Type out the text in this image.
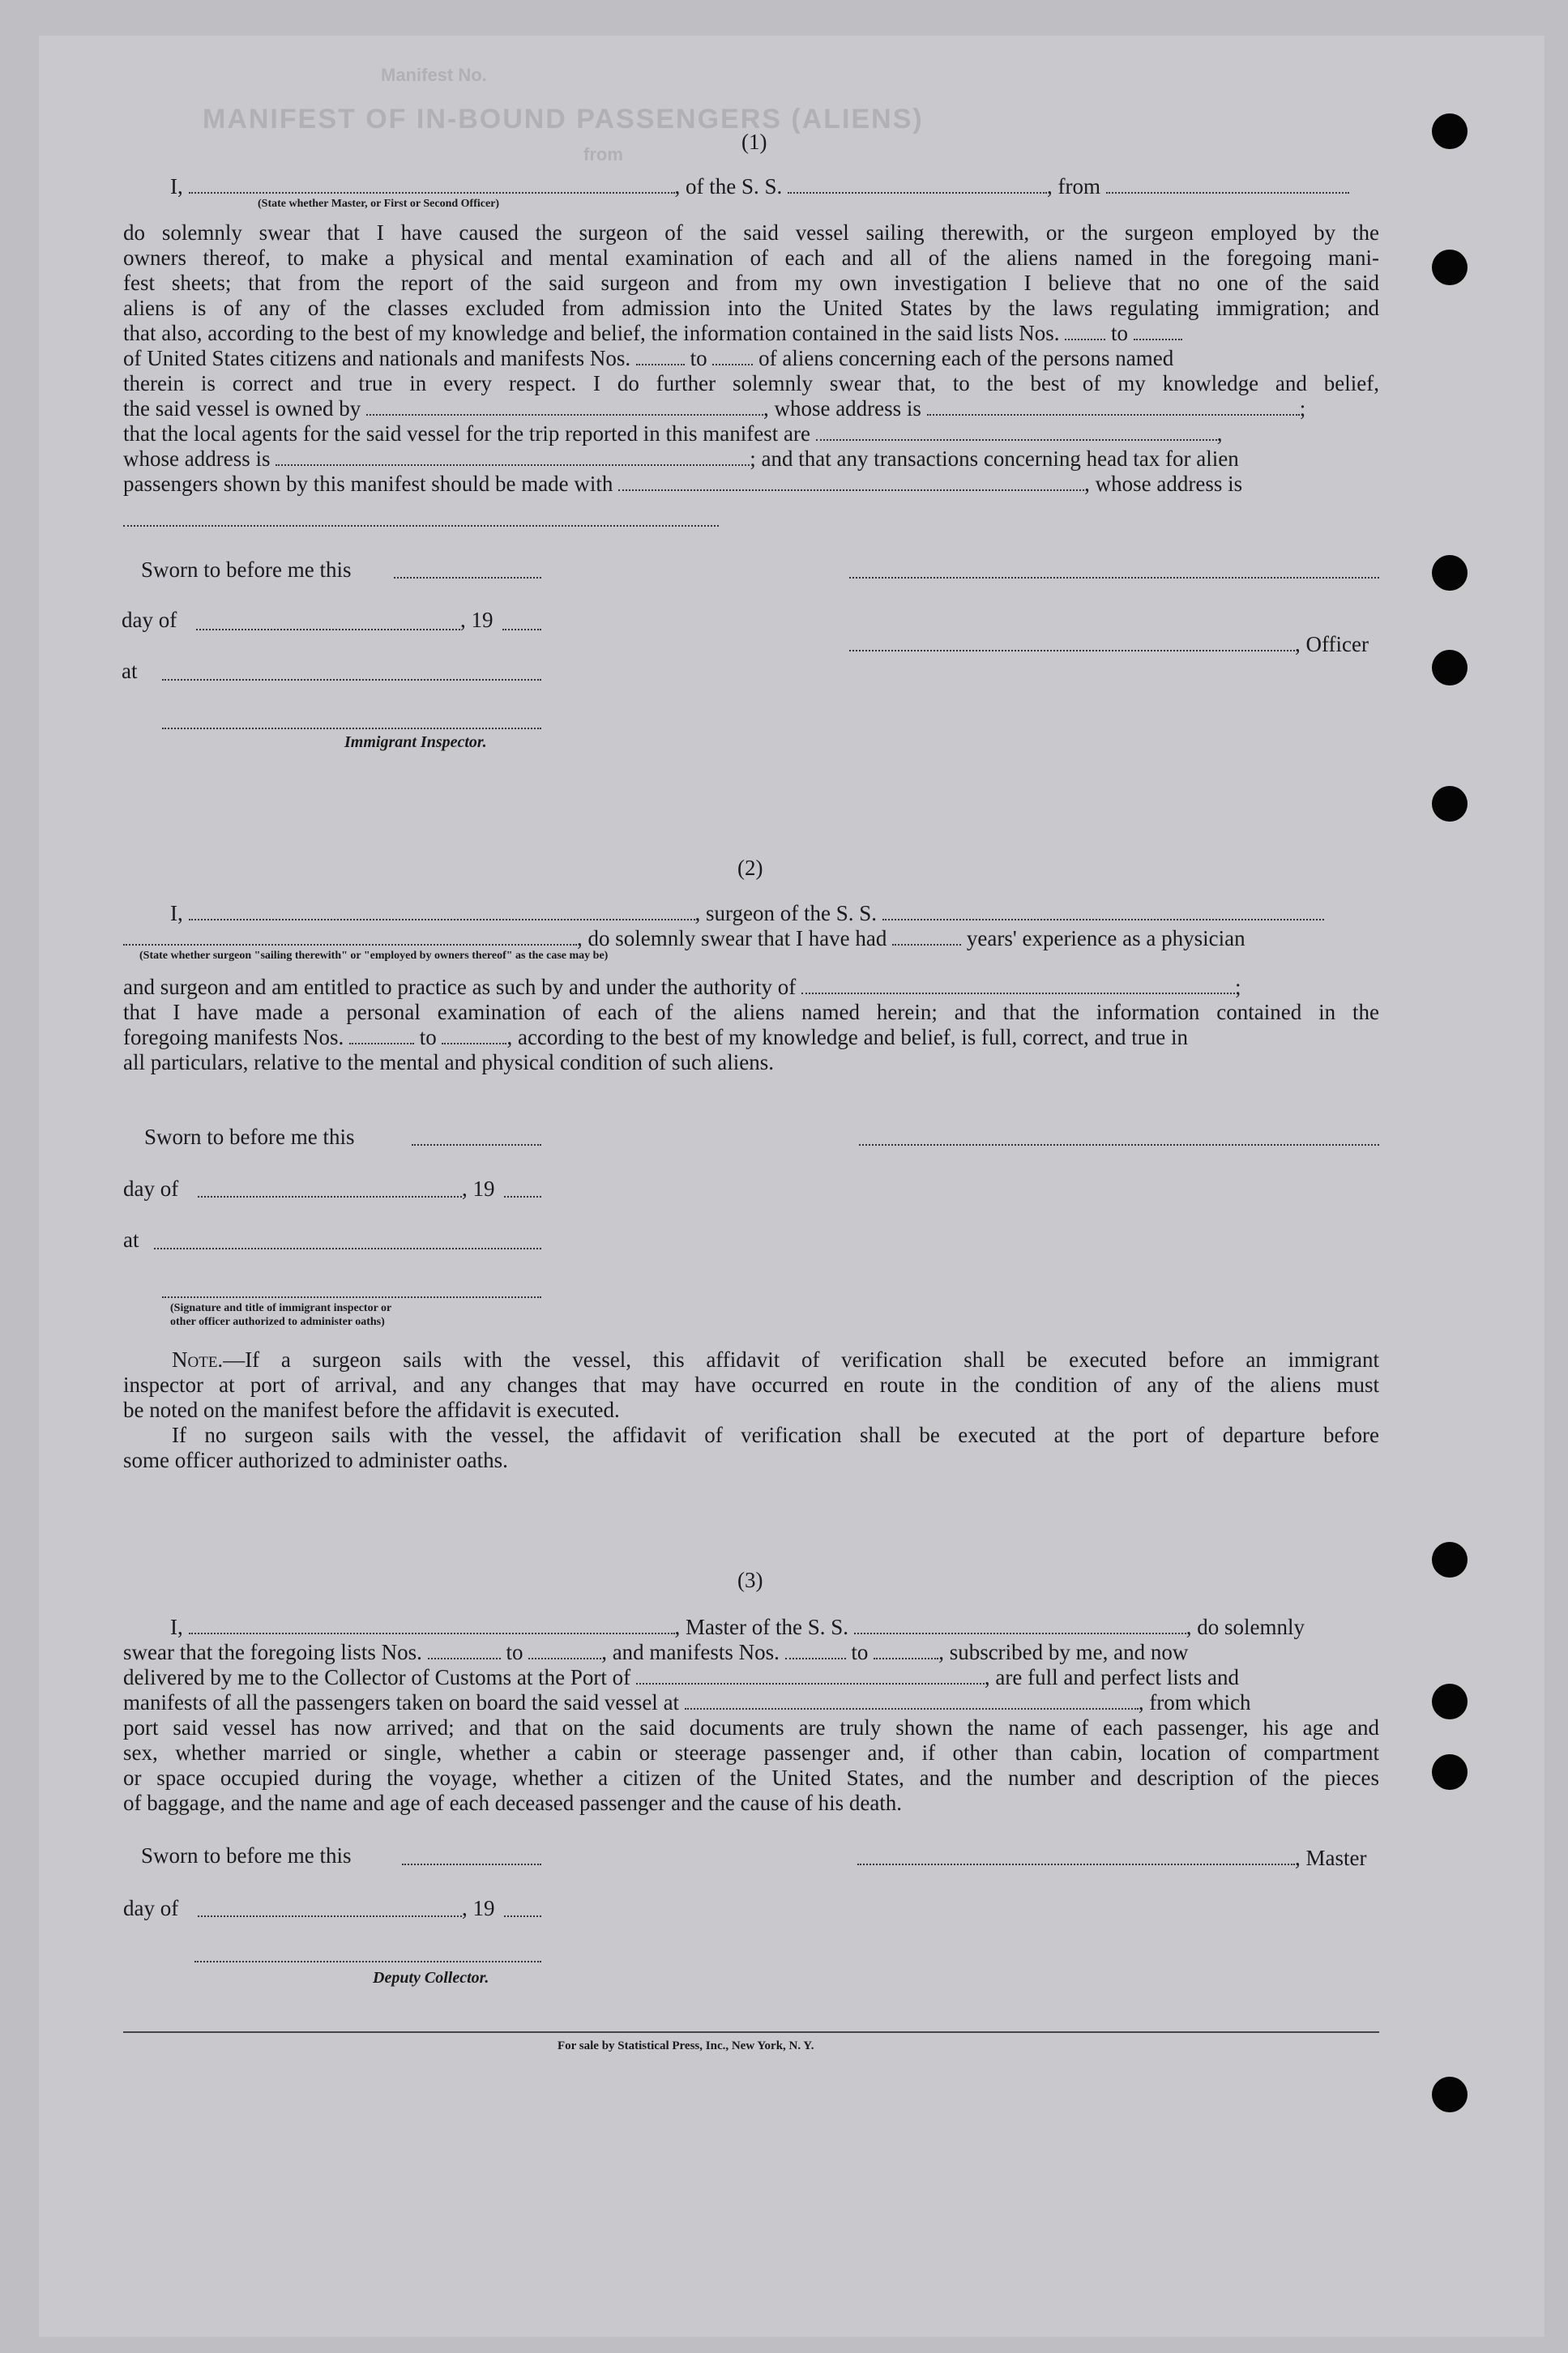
MANIFEST OF IN-BOUND PASSENGERS (ALIENS)
Manifest No.
from
(1)
I,	, of the S. S.	, from
(State whether Master, or First or Second Officer)
do solemnly swear that I have caused the surgeon of the said vessel sailing therewith, or the surgeon employed by the
owners thereof, to make a physical and mental examination of each and all of the aliens named in the foregoing mani-
fest sheets; that from the report of the said surgeon and from my own investigation I believe that no one of the said
aliens is of any of the classes excluded from admission into the United States by the laws regulating immigration; and
that also, according to the best of my knowledge and belief, the information contained in the said lists Nos. to
of United States citizens and nationals and manifests Nos.	to of aliens concerning each of the persons named
therein is correct and true in every respect. I do further solemnly swear that, to the best of my knowledge and belief,
the said vessel is owned by	, whose address is	;
that the local agents for the said vessel for the trip reported in this manifest are	,
whose address is	; and that any transactions concerning head tax for alien
passengers shown by this manifest should be made with	, whose address is
Sworn to before me this
day of	, 19
, Officer
at
Immigrant Inspector.
(2)
I,	, surgeon of the S. S.
, do solemnly swear that I have had	years' experience as a physician
(State whether surgeon "sailing therewith" or "employed by owners thereof" as the case may be)
and surgeon and am entitled to practice as such by and under the authority of	;
that I have made a personal examination of each of the aliens named herein; and that the information contained in the
foregoing manifests Nos.	to	, according to the best of my knowledge and belief, is full, correct, and true in
all particulars, relative to the mental and physical condition of such aliens.
Sworn to before me this
day of	, 19
at
(Signature and title of immigrant inspector or
other officer authorized to administer oaths)
Note.—If a surgeon sails with the vessel, this affidavit of verification shall be executed before an immigrant
inspector at port of arrival, and any changes that may have occurred en route in the condition of any of the aliens must
be noted on the manifest before the affidavit is executed.
If no surgeon sails with the vessel, the affidavit of verification shall be executed at the port of departure before
some officer authorized to administer oaths.
(3)
I,	, Master of the S. S.	, do solemnly
swear that the foregoing lists Nos.	to	, and manifests Nos.	to	, subscribed by me, and now
delivered by me to the Collector of Customs at the Port of	, are full and perfect lists and
manifests of all the passengers taken on board the said vessel at	, from which
port said vessel has now arrived; and that on the said documents are truly shown the name of each passenger, his age and
sex, whether married or single, whether a cabin or steerage passenger and, if other than cabin, location of compartment
or space occupied during the voyage, whether a citizen of the United States, and the number and description of the pieces
of baggage, and the name and age of each deceased passenger and the cause of his death.
Sworn to before me this	, Master
day of	, 19
Deputy Collector.
For sale by Statistical Press, Inc., New York, N. Y.
